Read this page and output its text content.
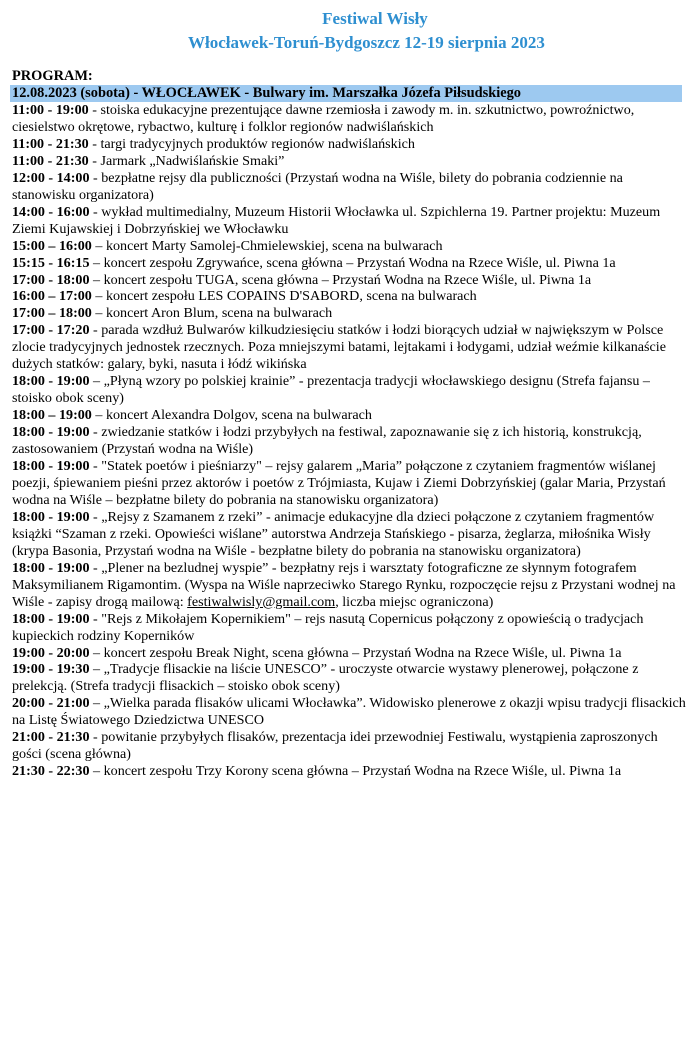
Festiwal Wisły
Włocławek-Toruń-Bydgoszcz 12-19 sierpnia 2023
PROGRAM:
12.08.2023 (sobota) - WŁOCŁAWEK - Bulwary im. Marszałka Józefa Piłsudskiego
11:00 - 19:00 - stoiska edukacyjne prezentujące dawne rzemiosła i zawody m. in. szkutnictwo, powroźnictwo, ciesielstwo okrętowe, rybactwo, kulturę i folklor regionów nadwiślańskich
11:00 - 21:30 - targi tradycyjnych produktów regionów nadwiślańskich
11:00 - 21:30 - Jarmark „Nadwiślańskie Smaki”
12:00 - 14:00 - bezpłatne rejsy dla publiczności (Przystań wodna na Wiśle, bilety do pobrania codziennie na stanowisku organizatora)
14:00 - 16:00 - wykład multimedialny, Muzeum Historii Włocławka ul. Szpichlerna 19. Partner projektu: Muzeum Ziemi Kujawskiej i Dobrzyńskiej we Włocławku
15:00 – 16:00 – koncert Marty Samolej-Chmielewskiej, scena na bulwarach
15:15 - 16:15 – koncert zespołu Zgrywańce, scena główna – Przystań Wodna na Rzece Wiśle, ul. Piwna 1a
17:00 - 18:00 – koncert zespołu TUGA, scena główna – Przystań Wodna na Rzece Wiśle, ul. Piwna 1a
16:00 – 17:00 – koncert zespołu LES COPAINS D'SABORD, scena na bulwarach
17:00 – 18:00 – koncert Aron Blum, scena na bulwarach
17:00 - 17:20 - parada wzdłuż Bulwarów kilkudziesięciu statków i łodzi biorących udział w największym w Polsce zlocie tradycyjnych jednostek rzecznych. Poza mniejszymi batami, lejtakami i łodygami, udział weźmie kilkanaście dużych statków: galary, byki, nasuta i łódź wikińska
18:00 - 19:00 – „Płyną wzory po polskiej krainie” - prezentacja tradycji włocławskiego designu (Strefa fajansu – stoisko obok sceny)
18:00 – 19:00 – koncert Alexandra Dolgov, scena na bulwarach
18:00 - 19:00 - zwiedzanie statków i łodzi przybyłych na festiwal, zapoznawanie się z ich historią, konstrukcją, zastosowaniem (Przystań wodna na Wiśle)
18:00 - 19:00 - "Statek poetów i pieśniarzy" – rejsy galarem „Maria” połączone z czytaniem fragmentów wiślanej poezji, śpiewaniem pieśni przez aktorów i poetów z Trójmiasta, Kujaw i Ziemi Dobrzyńskiej (galar Maria, Przystań wodna na Wiśle – bezpłatne bilety do pobrania na stanowisku organizatora)
18:00 - 19:00 - „Rejsy z Szamanem z rzeki” - animacje edukacyjne dla dzieci połączone z czytaniem fragmentów książki “Szaman z rzeki. Opowieści wiślane” autorstwa Andrzeja Stańskiego - pisarza, żeglarza, miłośnika Wisły (krypa Basonia, Przystań wodna na Wiśle - bezpłatne bilety do pobrania na stanowisku organizatora)
18:00 - 19:00 - „Plener na bezludnej wyspie” - bezpłatny rejs i warsztaty fotograficzne ze słynnym fotografem Maksymilianem Rigamontim. (Wyspa na Wiśle naprzeciwko Starego Rynku, rozpoczęcie rejsu z Przystani wodnej na Wiśle - zapisy drogą mailową: festiwalwisly@gmail.com, liczba miejsc ograniczona)
18:00 - 19:00 - "Rejs z Mikołajem Kopernikiem" – rejs nasutą Copernicus połączony z opowieścią o tradycjach kupieckich rodziny Koperników
19:00 - 20:00 – koncert zespołu Break Night, scena główna – Przystań Wodna na Rzece Wiśle, ul. Piwna 1a
19:00 - 19:30 – „Tradycje flisackie na liście UNESCO” - uroczyste otwarcie wystawy plenerowej, połączone z prelekcją. (Strefa tradycji flisackich – stoisko obok sceny)
20:00 - 21:00 – „Wielka parada flisaków ulicami Włocławka”. Widowisko plenerowe z okazji wpisu tradycji flisackich na Listę Światowego Dziedzictwa UNESCO
21:00 - 21:30 - powitanie przybyłych flisaków, prezentacja idei przewodniej Festiwalu, wystąpienia zaproszonych gości (scena główna)
21:30 - 22:30 – koncert zespołu Trzy Korony scena główna – Przystań Wodna na Rzece Wiśle, ul. Piwna 1a
